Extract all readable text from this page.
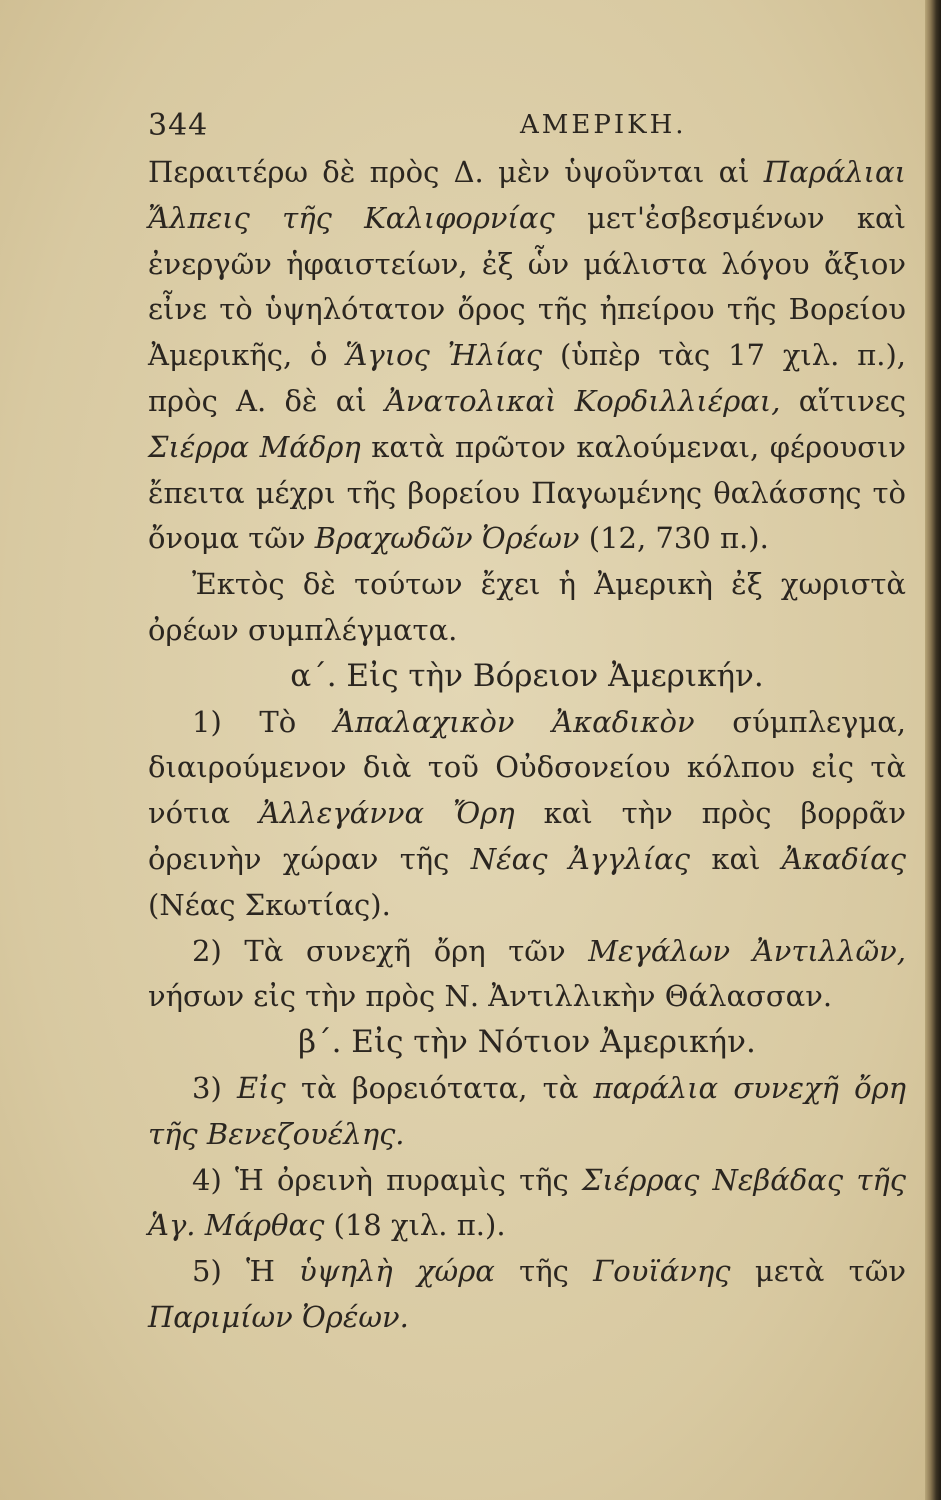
344	ΑΜΕΡΙΚΗ.

Περαιτέρω δὲ πρὸς Δ. μὲν ὑψοῦνται αἱ Παράλιαι Ἄλπεις τῆς Καλιφορνίας μετ'ἐσβεσμένων καὶ ἐνεργῶν ἡφαιστείων, ἐξ ὧν μάλιστα λόγου ἄξιον εἶνε τὸ ὑψηλότατον ὄρος τῆς ἠπείρου τῆς Βορείου Ἀμερικῆς, ὁ Ἅγιος Ἠλίας (ὑπὲρ τὰς 17 χιλ. π.), πρὸς Α. δὲ αἱ Ἀνατολικαὶ Κορδιλλιέραι, αἵτινες Σιέρρα Μάδρη κατὰ πρῶτον καλούμεναι, φέρουσιν ἔπειτα μέχρι τῆς βορείου Παγωμένης θαλάσσης τὸ ὄνομα τῶν Βραχωδῶν Ὀρέων (12, 730 π.).

Ἐκτὸς δὲ τούτων ἔχει ἡ Ἀμερικὴ ἐξ χωριστὰ ὀρέων συμπλέγματα.

α΄. Εἰς τὴν Βόρειον Ἀμερικήν.

1) Τὸ Ἀπαλαχικὸν Ἀκαδικὸν σύμπλεγμα, διαιρούμενον διὰ τοῦ Οὐδσονείου κόλπου εἰς τὰ νότια Ἀλλεγάννα Ὄρη καὶ τὴν πρὸς βορρᾶν ὀρεινὴν χώραν τῆς Νέας Ἀγγλίας καὶ Ἀκαδίας (Νέας Σκωτίας).

2) Τὰ συνεχῆ ὄρη τῶν Μεγάλων Ἀντιλλῶν, νήσων εἰς τὴν πρὸς Ν. Ἀντιλλικὴν Θάλασσαν.

β΄. Εἰς τὴν Νότιον Ἀμερικήν.

3) Εἰς τὰ βορειότατα, τὰ παράλια συνεχῆ ὄρη τῆς Βενεζουέλης.

4) Ἡ ὀρεινὴ πυραμὶς τῆς Σιέρρας Νεβάδας τῆς Ἁγ. Μάρθας (18 χιλ. π.).

5) Ἡ ὑψηλὴ χώρα τῆς Γουϊάνης μετὰ τῶν Παριμίων Ὀρέων.
